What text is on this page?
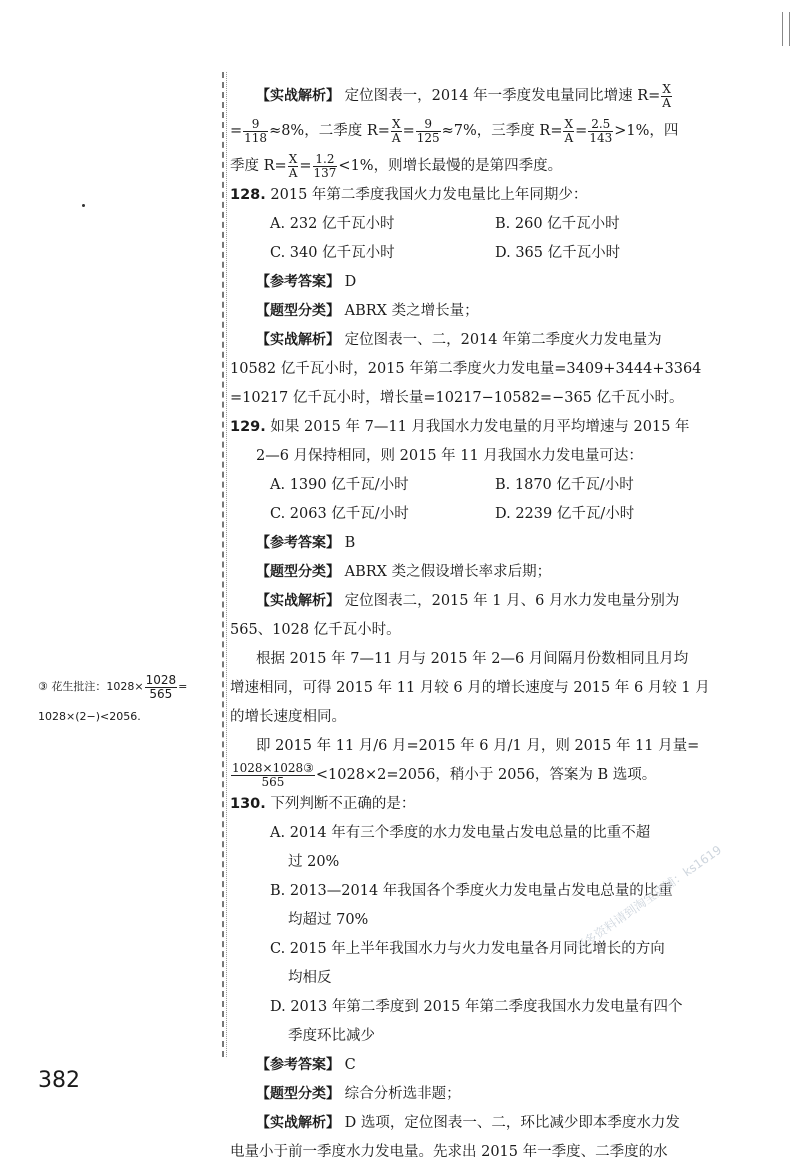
③ 花生批注：$1028\times \frac{1028}{565}$ =
1028×(2−)<2056.
【实战解析】 定位图表一，2014 年一季度发电量同比增速 $R= \frac{X}{A}$
= $\frac{9}{118} \approx 8\%$，二季度 $R= \frac{X}{A} = \frac{9}{125} \approx 7\%$，三季度 $R= \frac{X}{A} = \frac{2.5}{143} >1\%$，四
季度 $R= \frac{X}{A} = \frac{1.2}{137} <1\%$，则增长最慢的是第四季度。
128. 2015 年第二季度我国火力发电量比上年同期少：
A. 232 亿千瓦小时	B. 260 亿千瓦小时
C. 340 亿千瓦小时	D. 365 亿千瓦小时
【参考答案】 D
【题型分类】 ABRX 类之增长量；
【实战解析】 定位图表一、二，2014 年第二季度火力发电量为
10582 亿千瓦小时，2015 年第二季度火力发电量=3409+3444+3364
=10217 亿千瓦小时，增长量=10217−10582=−365 亿千瓦小时。
129. 如果 2015 年 7—11 月我国水力发电量的月平均增速与 2015 年
2—6 月保持相同，则 2015 年 11 月我国水力发电量可达：
A. 1390 亿千瓦/小时	B. 1870 亿千瓦/小时
C. 2063 亿千瓦/小时	D. 2239 亿千瓦/小时
【参考答案】 B
【题型分类】 ABRX 类之假设增长率求后期；
【实战解析】 定位图表二，2015 年 1 月、6 月水力发电量分别为
565、1028 亿千瓦小时。
根据 2015 年 7—11 月与 2015 年 2—6 月间隔月份数相同且月均
增速相同，可得 2015 年 11 月较 6 月的增长速度与 2015 年 6 月较 1 月
的增长速度相同。
即 2015 年 11 月/6 月=2015 年 6 月/1 月，则 2015 年 11 月量=
$\frac{\text{1028×1028③}}{565} <1028\times 2=2056$，稍小于 2056，答案为 B 选项。
130. 下列判断不正确的是：
A. 2014 年有三个季度的水力发电量占发电总量的比重不超
过 20%
B. 2013—2014 年我国各个季度火力发电量占发电总量的比重
均超过 70%
C. 2015 年上半年我国水力与火力发电量各月同比增长的方向
均相反
D. 2013 年第二季度到 2015 年第二季度我国水力发电量有四个
季度环比减少
【参考答案】 C
【题型分类】 综合分析选非题；
【实战解析】 D 选项，定位图表一、二，环比减少即本季度水力发
电量小于前一季度水力发电量。先求出 2015 年一季度、二季度的水
更多资料请到淘宝店铺：ks1619
382
